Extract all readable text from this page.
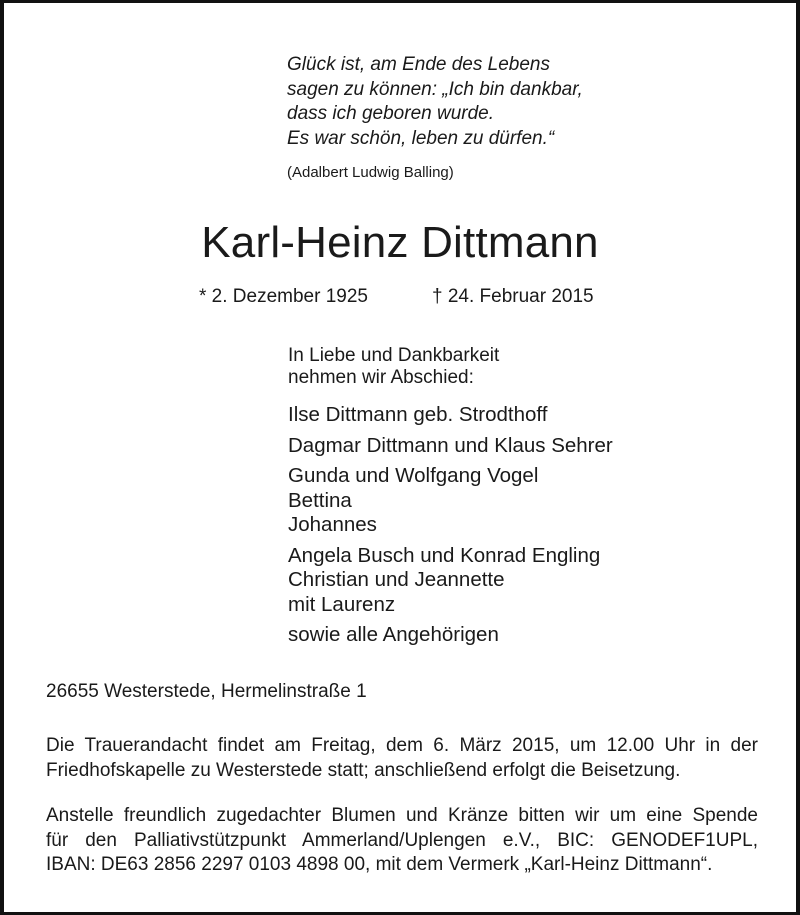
Glück ist, am Ende des Lebens
sagen zu können: „Ich bin dankbar,
dass ich geboren wurde.
Es war schön, leben zu dürfen.“
(Adalbert Ludwig Balling)
Karl-Heinz Dittmann
* 2. Dezember 1925	† 24. Februar 2015
In Liebe und Dankbarkeit
nehmen wir Abschied:
Ilse Dittmann geb. Strodthoff
Dagmar Dittmann und Klaus Sehrer
Gunda und Wolfgang Vogel
Bettina
Johannes
Angela Busch und Konrad Engling
Christian und Jeannette
mit Laurenz
sowie alle Angehörigen
26655 Westerstede, Hermelinstraße 1
Die Trauerandacht findet am Freitag, dem 6. März 2015, um 12.00 Uhr in der
Friedhofskapelle zu Westerstede statt; anschließend erfolgt die Beisetzung.
Anstelle freundlich zugedachter Blumen und Kränze bitten wir um eine Spende
für den Palliativstützpunkt Ammerland/Uplengen e.V., BIC: GENODEF1UPL,
IBAN: DE63 2856 2297 0103 4898 00, mit dem Vermerk „Karl-Heinz Dittmann“.
